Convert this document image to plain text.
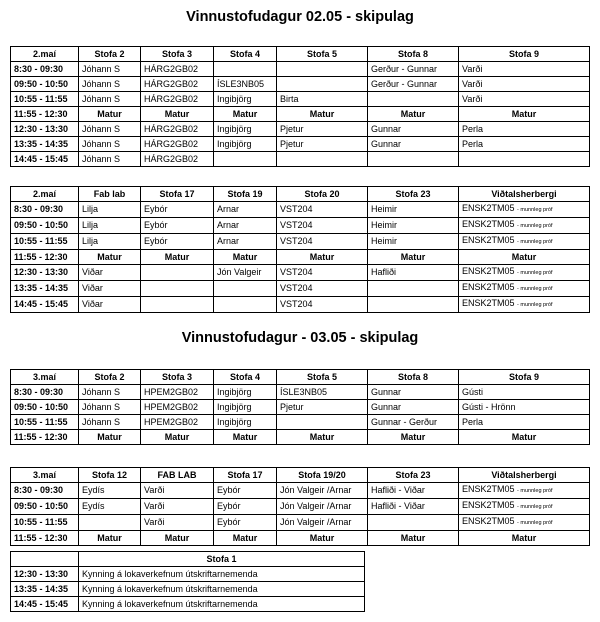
Vinnustofudagur 02.05 - skipulag
Vinnustofudagur - 03.05 - skipulag
2.maí	Stofa 2	Stofa 3	Stofa 4	Stofa 5	Stofa 8	Stofa 9
8:30 - 09:30	Jóhann S	HÁRG2GB02			Gerður - Gunnar	Varði
09:50 - 10:50	Jóhann S	HÁRG2GB02	ÍSLE3NB05		Gerður - Gunnar	Varði
10:55 - 11:55	Jóhann S	HÁRG2GB02	Ingibjörg	Birta		Varði
11:55 - 12:30	Matur	Matur	Matur	Matur	Matur	Matur
12:30 - 13:30	Jóhann S	HÁRG2GB02	Ingibjörg	Pjetur	Gunnar	Perla
13:35 - 14:35	Jóhann S	HÁRG2GB02	Ingibjörg	Pjetur	Gunnar	Perla
14:45 - 15:45	Jóhann S	HÁRG2GB02				
2.maí	Fab lab	Stofa 17	Stofa 19	Stofa 20	Stofa 23	Viðtalsherbergi
8:30 - 09:30	Lilja	Eybór	Arnar	VST204	Heimir	ENSK2TM05 - munnleg próf
09:50 - 10:50	Lilja	Eybór	Arnar	VST204	Heimir	ENSK2TM05 - munnleg próf
10:55 - 11:55	Lilja	Eybór	Arnar	VST204	Heimir	ENSK2TM05 - munnleg próf
11:55 - 12:30	Matur	Matur	Matur	Matur	Matur	Matur
12:30 - 13:30	Viðar		Jón Valgeir	VST204	Hafliði	ENSK2TM05 - munnleg próf
13:35 - 14:35	Viðar			VST204		ENSK2TM05 - munnleg próf
14:45 - 15:45	Viðar			VST204		ENSK2TM05 - munnleg próf
3.maí	Stofa 2	Stofa 3	Stofa 4	Stofa 5	Stofa 8	Stofa 9
8:30 - 09:30	Jóhann S	HPEM2GB02	Ingibjörg	ÍSLE3NB05	Gunnar	Gústi
09:50 - 10:50	Jóhann S	HPEM2GB02	Ingibjörg	Pjetur	Gunnar	Gústi - Hrönn
10:55 - 11:55	Jóhann S	HPEM2GB02	Ingibjörg		Gunnar - Gerður	Perla
11:55 - 12:30	Matur	Matur	Matur	Matur	Matur	Matur
3.maí	Stofa 12	FAB LAB	Stofa 17	Stofa 19/20	Stofa 23	Viðtalsherbergi
8:30 - 09:30	Eydís	Varði	Eybór	Jón Valgeir /Arnar	Hafliði - Viðar	ENSK2TM05 - munnleg próf
09:50 - 10:50	Eydís	Varði	Eybór	Jón Valgeir /Arnar	Hafliði - Viðar	ENSK2TM05 - munnleg próf
10:55 - 11:55		Varði	Eybór	Jón Valgeir /Arnar		ENSK2TM05 - munnleg próf
11:55 - 12:30	Matur	Matur	Matur	Matur	Matur	Matur
	Stofa 1
12:30 - 13:30	Kynning á lokaverkefnum útskriftarnemenda
13:35 - 14:35	Kynning á lokaverkefnum útskriftarnemenda
14:45 - 15:45	Kynning á lokaverkefnum útskriftarnemenda
